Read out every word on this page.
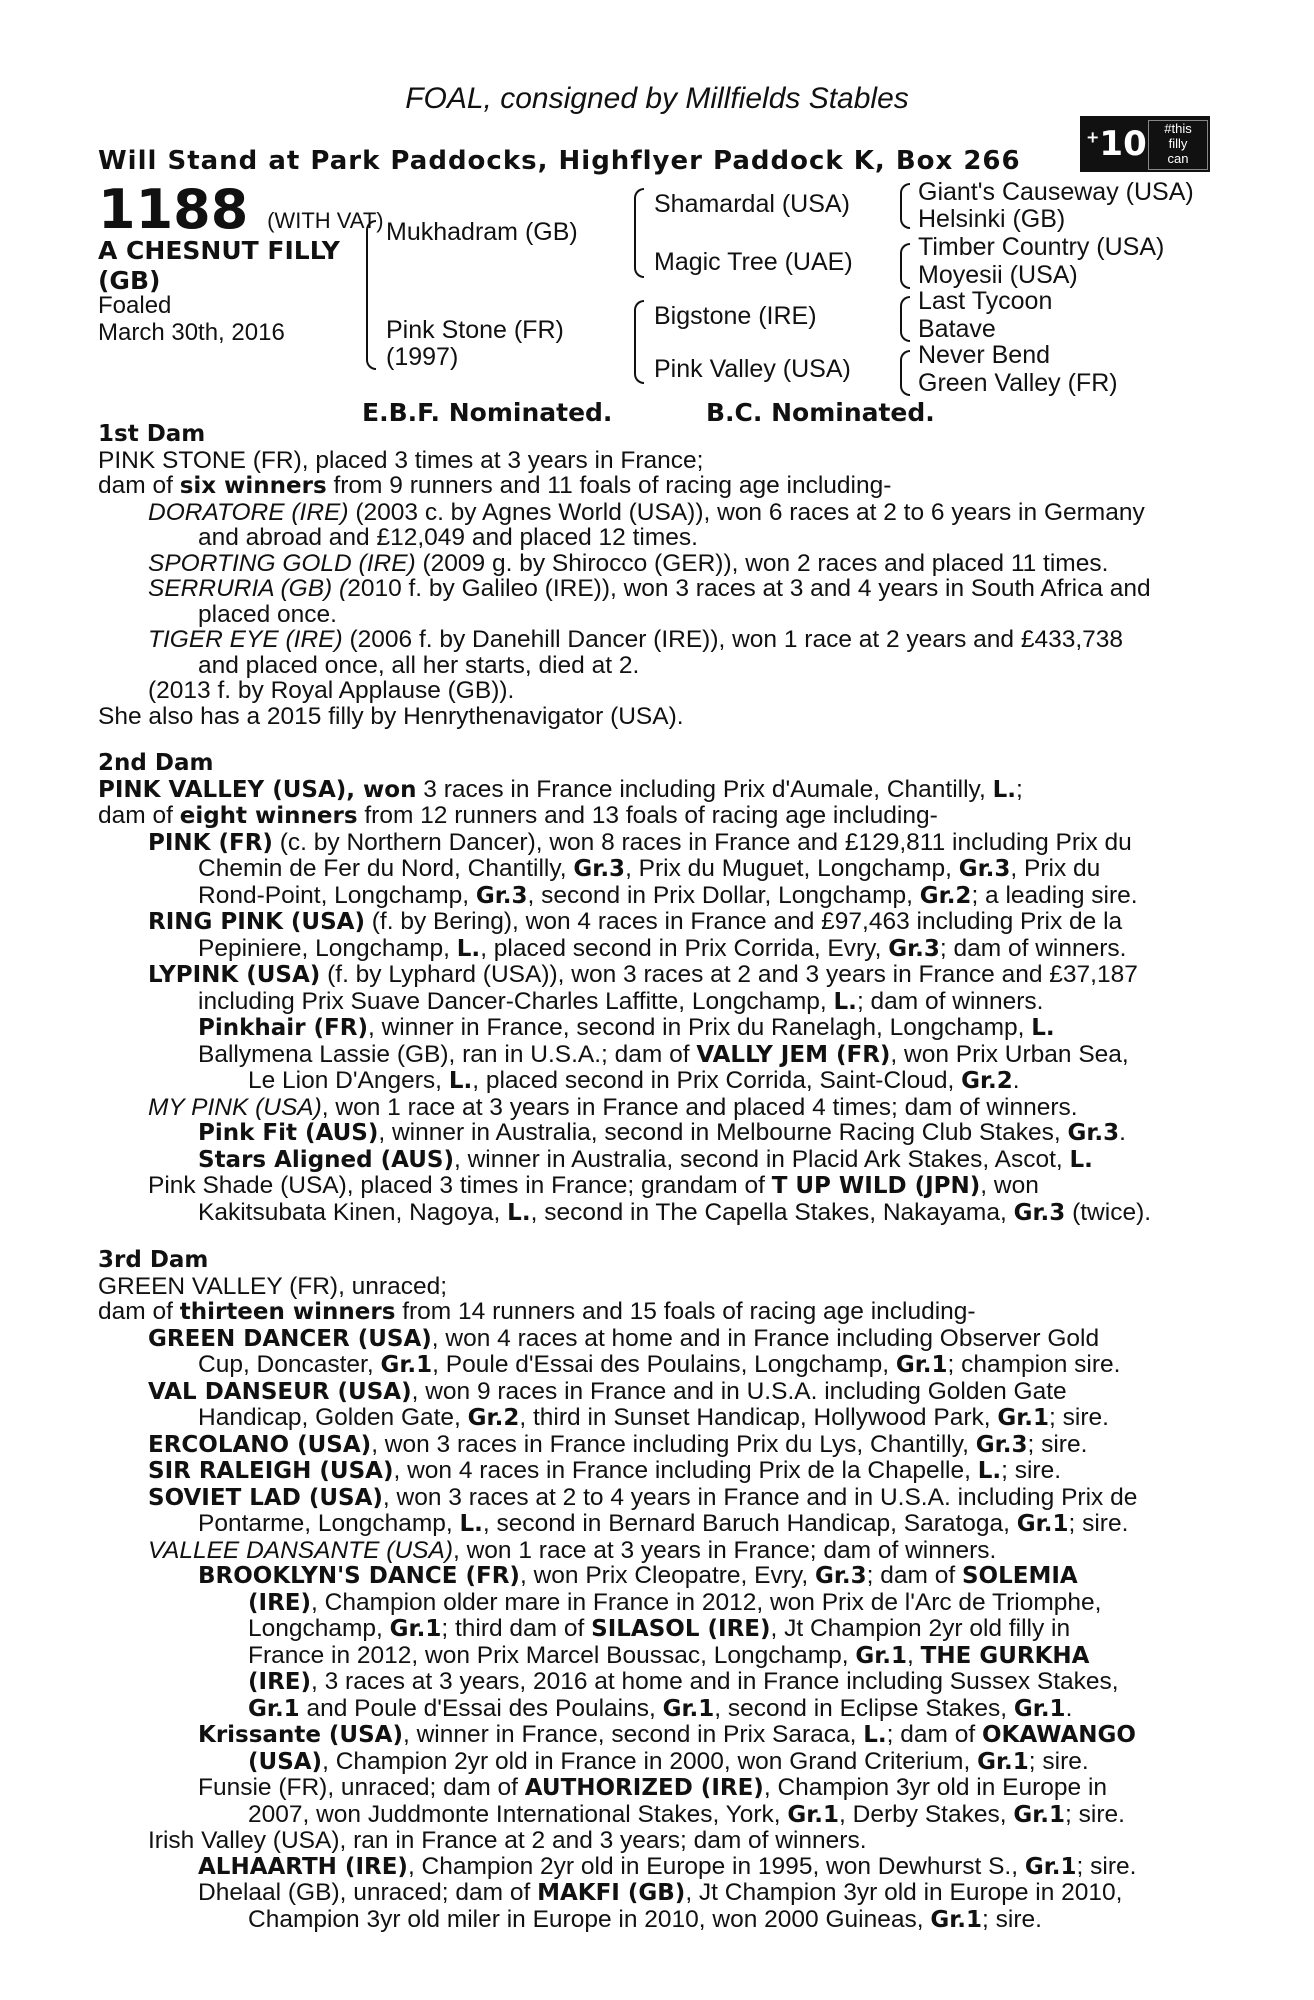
FOAL, consigned by Millfields Stables
Will Stand at Park Paddocks, Highflyer Paddock K, Box 266
+10	#this
filly
can
1188 (WITH VAT)
A CHESNUT FILLY
(GB)
Foaled
March 30th, 2016
Mukhadram (GB)
Pink Stone (FR)
(1997)
Shamardal (USA)
Magic Tree (UAE)
Bigstone (IRE)
Pink Valley (USA)
Giant's Causeway (USA)
Helsinki (GB)
Timber Country (USA)
Moyesii (USA)
Last Tycoon
Batave
Never Bend
Green Valley (FR)
E.B.F. Nominated.	B.C. Nominated.
1st Dam
PINK STONE (FR), placed 3 times at 3 years in France;
dam of six winners from 9 runners and 11 foals of racing age including-
DORATORE (IRE) (2003 c. by Agnes World (USA)), won 6 races at 2 to 6 years in Germany
and abroad and £12,049 and placed 12 times.
SPORTING GOLD (IRE) (2009 g. by Shirocco (GER)), won 2 races and placed 11 times.
SERRURIA (GB) (2010 f. by Galileo (IRE)), won 3 races at 3 and 4 years in South Africa and
placed once.
TIGER EYE (IRE) (2006 f. by Danehill Dancer (IRE)), won 1 race at 2 years and £433,738
and placed once, all her starts, died at 2.
(2013 f. by Royal Applause (GB)).
She also has a 2015 filly by Henrythenavigator (USA).
2nd Dam
PINK VALLEY (USA), won 3 races in France including Prix d'Aumale, Chantilly, L.;
dam of eight winners from 12 runners and 13 foals of racing age including-
PINK (FR) (c. by Northern Dancer), won 8 races in France and £129,811 including Prix du
Chemin de Fer du Nord, Chantilly, Gr.3, Prix du Muguet, Longchamp, Gr.3, Prix du
Rond-Point, Longchamp, Gr.3, second in Prix Dollar, Longchamp, Gr.2; a leading sire.
RING PINK (USA) (f. by Bering), won 4 races in France and £97,463 including Prix de la
Pepiniere, Longchamp, L., placed second in Prix Corrida, Evry, Gr.3; dam of winners.
LYPINK (USA) (f. by Lyphard (USA)), won 3 races at 2 and 3 years in France and £37,187
including Prix Suave Dancer-Charles Laffitte, Longchamp, L.; dam of winners.
Pinkhair (FR), winner in France, second in Prix du Ranelagh, Longchamp, L.
Ballymena Lassie (GB), ran in U.S.A.; dam of VALLY JEM (FR), won Prix Urban Sea,
Le Lion D'Angers, L., placed second in Prix Corrida, Saint-Cloud, Gr.2.
MY PINK (USA), won 1 race at 3 years in France and placed 4 times; dam of winners.
Pink Fit (AUS), winner in Australia, second in Melbourne Racing Club Stakes, Gr.3.
Stars Aligned (AUS), winner in Australia, second in Placid Ark Stakes, Ascot, L.
Pink Shade (USA), placed 3 times in France; grandam of T UP WILD (JPN), won
Kakitsubata Kinen, Nagoya, L., second in The Capella Stakes, Nakayama, Gr.3 (twice).
3rd Dam
GREEN VALLEY (FR), unraced;
dam of thirteen winners from 14 runners and 15 foals of racing age including-
GREEN DANCER (USA), won 4 races at home and in France including Observer Gold
Cup, Doncaster, Gr.1, Poule d'Essai des Poulains, Longchamp, Gr.1; champion sire.
VAL DANSEUR (USA), won 9 races in France and in U.S.A. including Golden Gate
Handicap, Golden Gate, Gr.2, third in Sunset Handicap, Hollywood Park, Gr.1; sire.
ERCOLANO (USA), won 3 races in France including Prix du Lys, Chantilly, Gr.3; sire.
SIR RALEIGH (USA), won 4 races in France including Prix de la Chapelle, L.; sire.
SOVIET LAD (USA), won 3 races at 2 to 4 years in France and in U.S.A. including Prix de
Pontarme, Longchamp, L., second in Bernard Baruch Handicap, Saratoga, Gr.1; sire.
VALLEE DANSANTE (USA), won 1 race at 3 years in France; dam of winners.
BROOKLYN'S DANCE (FR), won Prix Cleopatre, Evry, Gr.3; dam of SOLEMIA
(IRE), Champion older mare in France in 2012, won Prix de l'Arc de Triomphe,
Longchamp, Gr.1; third dam of SILASOL (IRE), Jt Champion 2yr old filly in
France in 2012, won Prix Marcel Boussac, Longchamp, Gr.1, THE GURKHA
(IRE), 3 races at 3 years, 2016 at home and in France including Sussex Stakes,
Gr.1 and Poule d'Essai des Poulains, Gr.1, second in Eclipse Stakes, Gr.1.
Krissante (USA), winner in France, second in Prix Saraca, L.; dam of OKAWANGO
(USA), Champion 2yr old in France in 2000, won Grand Criterium, Gr.1; sire.
Funsie (FR), unraced; dam of AUTHORIZED (IRE), Champion 3yr old in Europe in
2007, won Juddmonte International Stakes, York, Gr.1, Derby Stakes, Gr.1; sire.
Irish Valley (USA), ran in France at 2 and 3 years; dam of winners.
ALHAARTH (IRE), Champion 2yr old in Europe in 1995, won Dewhurst S., Gr.1; sire.
Dhelaal (GB), unraced; dam of MAKFI (GB), Jt Champion 3yr old in Europe in 2010,
Champion 3yr old miler in Europe in 2010, won 2000 Guineas, Gr.1; sire.
